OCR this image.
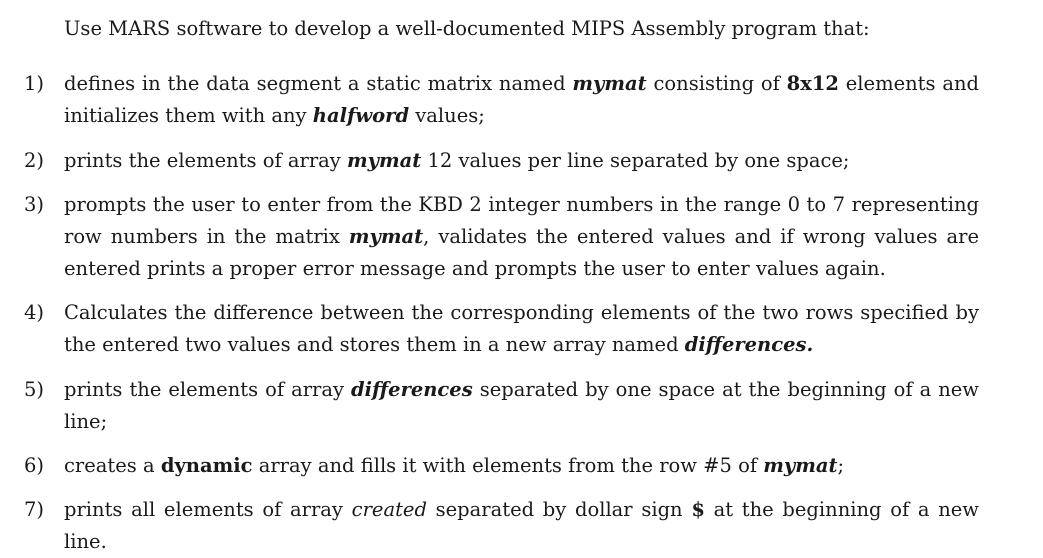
Use MARS software to develop a well-documented MIPS Assembly program that:
1)	defines in the data segment a static matrix named mymat consisting of 8x12 elements and initializes them with any halfword values;
2)	prints the elements of array mymat 12 values per line separated by one space;
3)	prompts the user to enter from the KBD 2 integer numbers in the range 0 to 7 representing row numbers in the matrix mymat, validates the entered values and if wrong values are entered prints a proper error message and prompts the user to enter values again.
4)	Calculates the difference between the corresponding elements of the two rows specified by the entered two values and stores them in a new array named differences.
5)	prints the elements of array differences separated by one space at the beginning of a new line;
6)	creates a dynamic array and fills it with elements from the row #5 of mymat;
7)	prints all elements of array created separated by dollar sign $ at the beginning of a new line.
